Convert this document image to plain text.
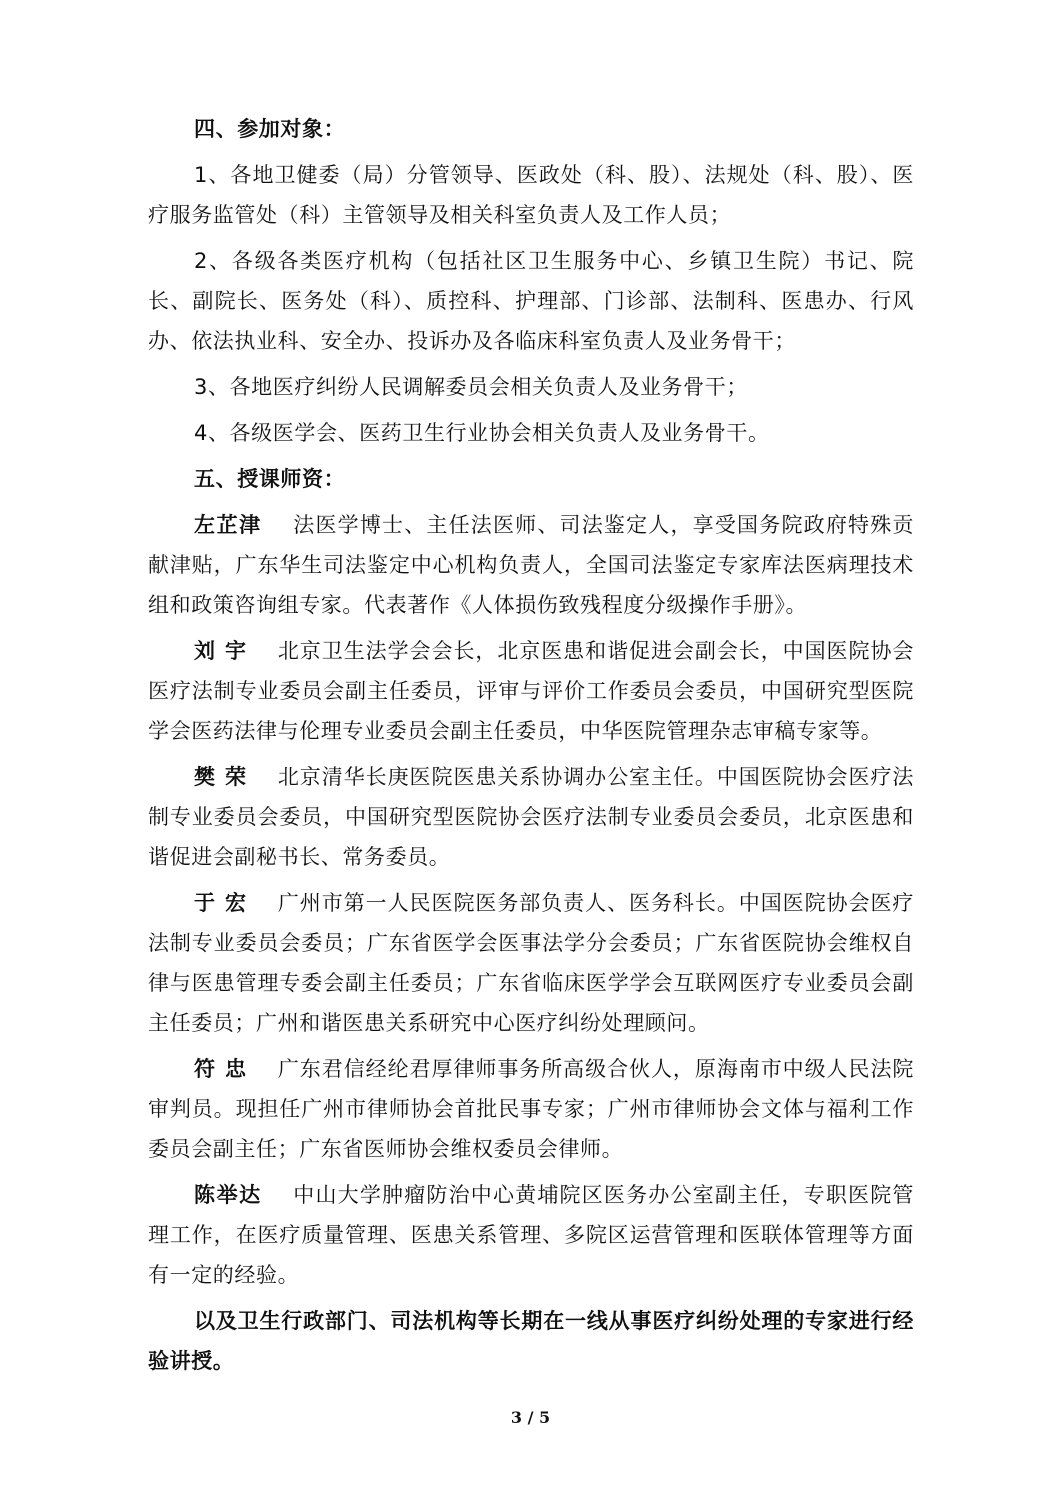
四、参加对象：

1、各地卫健委（局）分管领导、医政处（科、股）、法规处（科、股）、医疗服务监管处（科）主管领导及相关科室负责人及工作人员；

2、各级各类医疗机构（包括社区卫生服务中心、乡镇卫生院）书记、院长、副院长、医务处（科）、质控科、护理部、门诊部、法制科、医患办、行风办、依法执业科、安全办、投诉办及各临床科室负责人及业务骨干；

3、各地医疗纠纷人民调解委员会相关负责人及业务骨干；

4、各级医学会、医药卫生行业协会相关负责人及业务骨干。

五、授课师资：

左芷津 法医学博士、主任法医师、司法鉴定人，享受国务院政府特殊贡献津贴，广东华生司法鉴定中心机构负责人，全国司法鉴定专家库法医病理技术组和政策咨询组专家。代表著作《人体损伤致残程度分级操作手册》。

刘 宇 北京卫生法学会会长，北京医患和谐促进会副会长，中国医院协会医疗法制专业委员会副主任委员，评审与评价工作委员会委员，中国研究型医院学会医药法律与伦理专业委员会副主任委员，中华医院管理杂志审稿专家等。

樊 荣 北京清华长庚医院医患关系协调办公室主任。中国医院协会医疗法制专业委员会委员，中国研究型医院协会医疗法制专业委员会委员，北京医患和谐促进会副秘书长、常务委员。

于 宏 广州市第一人民医院医务部负责人、医务科长。中国医院协会医疗法制专业委员会委员；广东省医学会医事法学分会委员；广东省医院协会维权自律与医患管理专委会副主任委员；广东省临床医学学会互联网医疗专业委员会副主任委员；广州和谐医患关系研究中心医疗纠纷处理顾问。

符 忠 广东君信经纶君厚律师事务所高级合伙人，原海南市中级人民法院审判员。现担任广州市律师协会首批民事专家；广州市律师协会文体与福利工作委员会副主任；广东省医师协会维权委员会律师。

陈举达 中山大学肿瘤防治中心黄埔院区医务办公室副主任，专职医院管理工作，在医疗质量管理、医患关系管理、多院区运营管理和医联体管理等方面有一定的经验。

以及卫生行政部门、司法机构等长期在一线从事医疗纠纷处理的专家进行经验讲授。

3 / 5
